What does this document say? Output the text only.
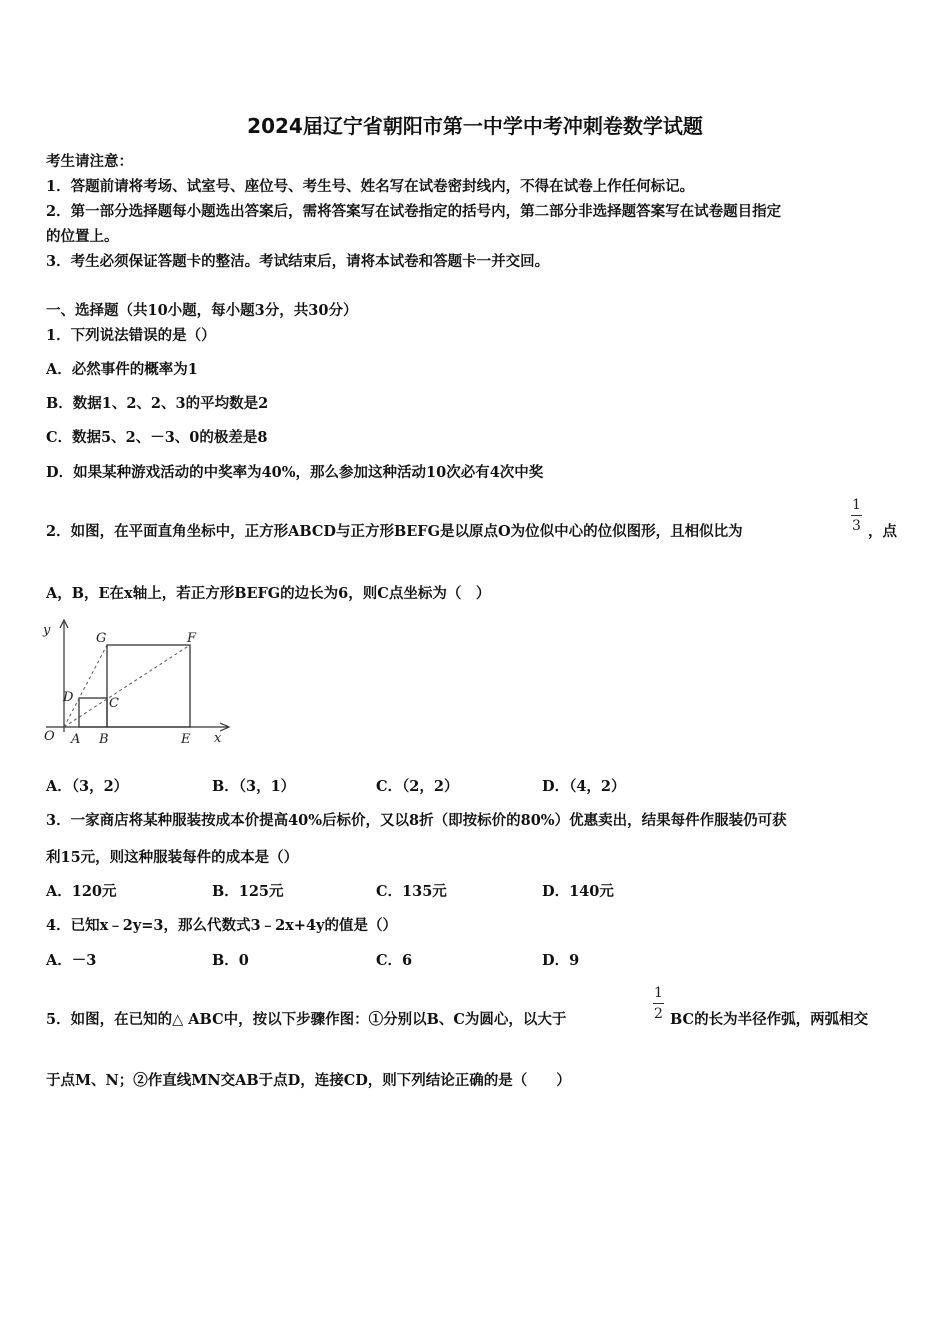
2024届辽宁省朝阳市第一中学中考冲刺卷数学试题
考生请注意：
1．答题前请将考场、试室号、座位号、考生号、姓名写在试卷密封线内，不得在试卷上作任何标记。
2．第一部分选择题每小题选出答案后，需将答案写在试卷指定的括号内，第二部分非选择题答案写在试卷题目指定
的位置上。
3．考生必须保证答题卡的整洁。考试结束后，请将本试卷和答题卡一并交回。
一、选择题（共10小题，每小题3分，共30分）
1．下列说法错误的是（）
A．必然事件的概率为1
B．数据1、2、2、3的平均数是2
C．数据5、2、－3、0的极差是8
D．如果某种游戏活动的中奖率为40%，那么参加这种活动10次必有4次中奖
2．如图，在平面直角坐标中，正方形ABCD与正方形BEFG是以原点O为位似中心的位似图形，且相似比为
1
3 ，点
A，B，E在x轴上，若正方形BEFG的边长为6，则C点坐标为（　）
y
x
O A B	E
D	C
G	F
A．（3，2）	B．（3，1）	C．（2，2）	D．（4，2）
3．一家商店将某种服装按成本价提高40%后标价，又以8折（即按标价的80%）优惠卖出，结果每件作服装仍可获
利15元，则这种服装每件的成本是（）
A．120元	B．125元	C．135元	D．140元
4．已知x﹣2y=3，那么代数式3﹣2x+4y的值是（）
A．－3	B．0	C．6	D．9
5．如图，在已知的△ ABC中，按以下步骤作图：①分别以B、C为圆心，以大于
1
2 BC的长为半径作弧，两弧相交
于点M、N；②作直线MN交AB于点D，连接CD，则下列结论正确的是（　　）
